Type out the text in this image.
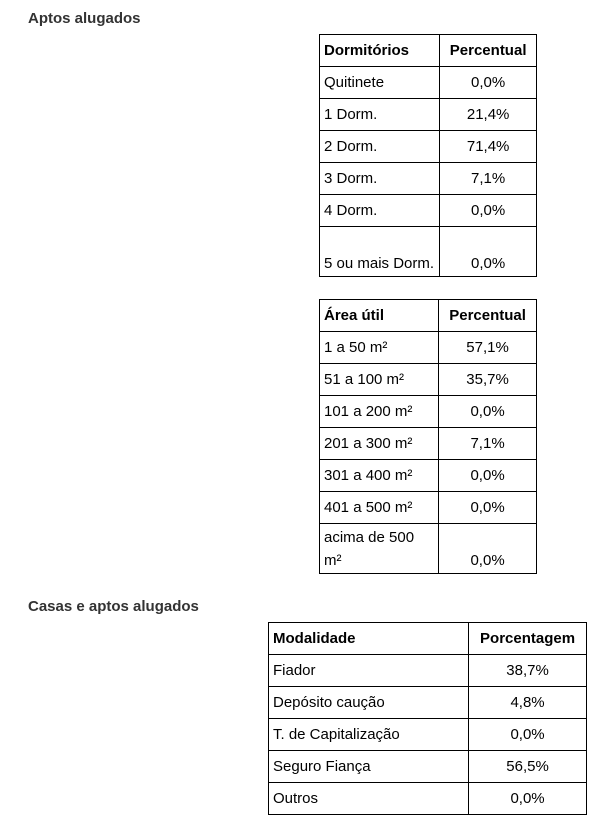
Aptos alugados
Dormitórios	Percentual
Quitinete	0,0%
1 Dorm.	21,4%
2 Dorm.	71,4%
3 Dorm.	7,1%
4 Dorm.	0,0%
5 ou mais Dorm.	0,0%
Área útil	Percentual
1 a 50 m²	57,1%
51 a 100 m²	35,7%
101 a 200 m²	0,0%
201 a 300 m²	7,1%
301 a 400 m²	0,0%
401 a 500 m²	0,0%
acima de 500 m²	0,0%
Casas e aptos alugados
Modalidade	Porcentagem
Fiador	38,7%
Depósito caução	4,8%
T. de Capitalização	0,0%
Seguro Fiança	56,5%
Outros	0,0%
